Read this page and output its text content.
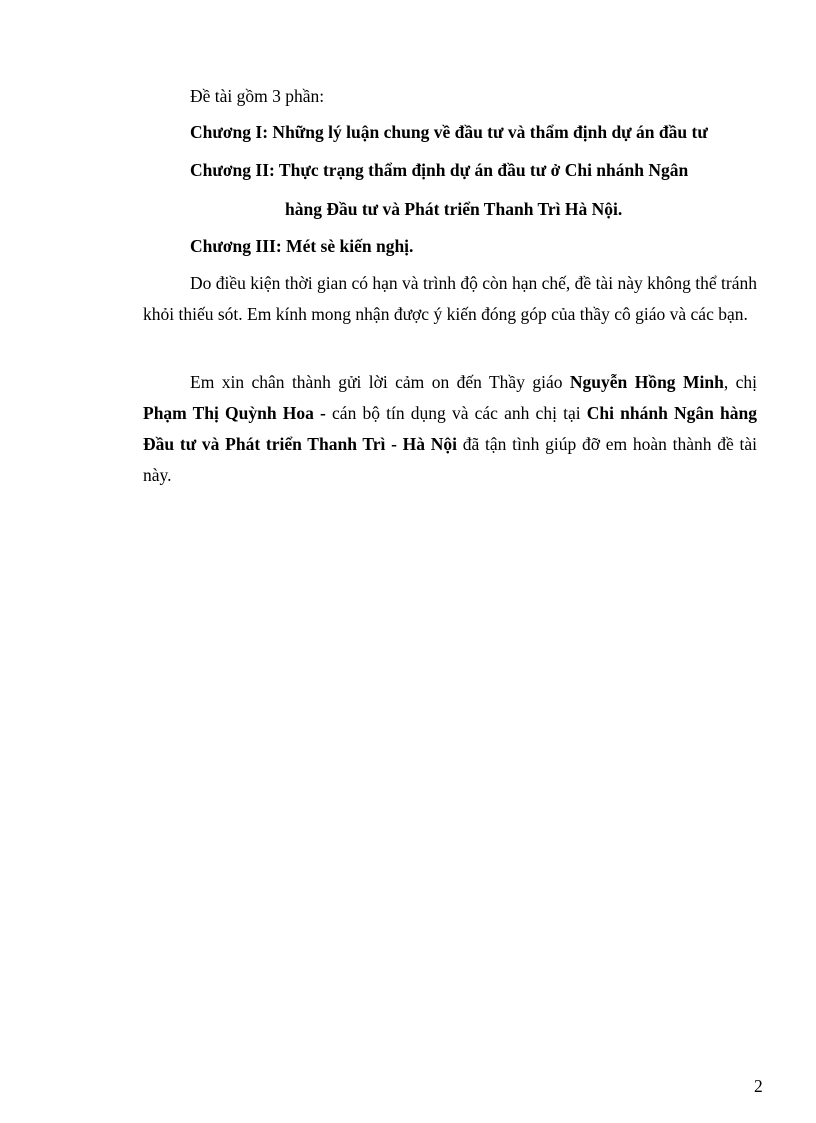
Đề tài gồm 3 phần:
Chương I: Những lý luận chung về đầu tư và thẩm định dự án đầu tư
Chương II: Thực trạng thẩm định dự án đầu tư ở Chi nhánh Ngân
hàng Đầu tư và Phát triển Thanh Trì Hà Nội.
Chương III: Mét sè kiến nghị.

Do điều kiện thời gian có hạn và trình độ còn hạn chế, đề tài này không thể tránh khỏi thiếu sót. Em kính mong nhận được ý kiến đóng góp của thầy cô giáo và các bạn.

Em xin chân thành gửi lời cảm on đến Thầy giáo Nguyễn Hồng Minh, chị Phạm Thị Quỳnh Hoa - cán bộ tín dụng và các anh chị tại Chi nhánh Ngân hàng Đầu tư và Phát triển Thanh Trì - Hà Nội đã tận tình giúp đỡ em hoàn thành đề tài này.

2
